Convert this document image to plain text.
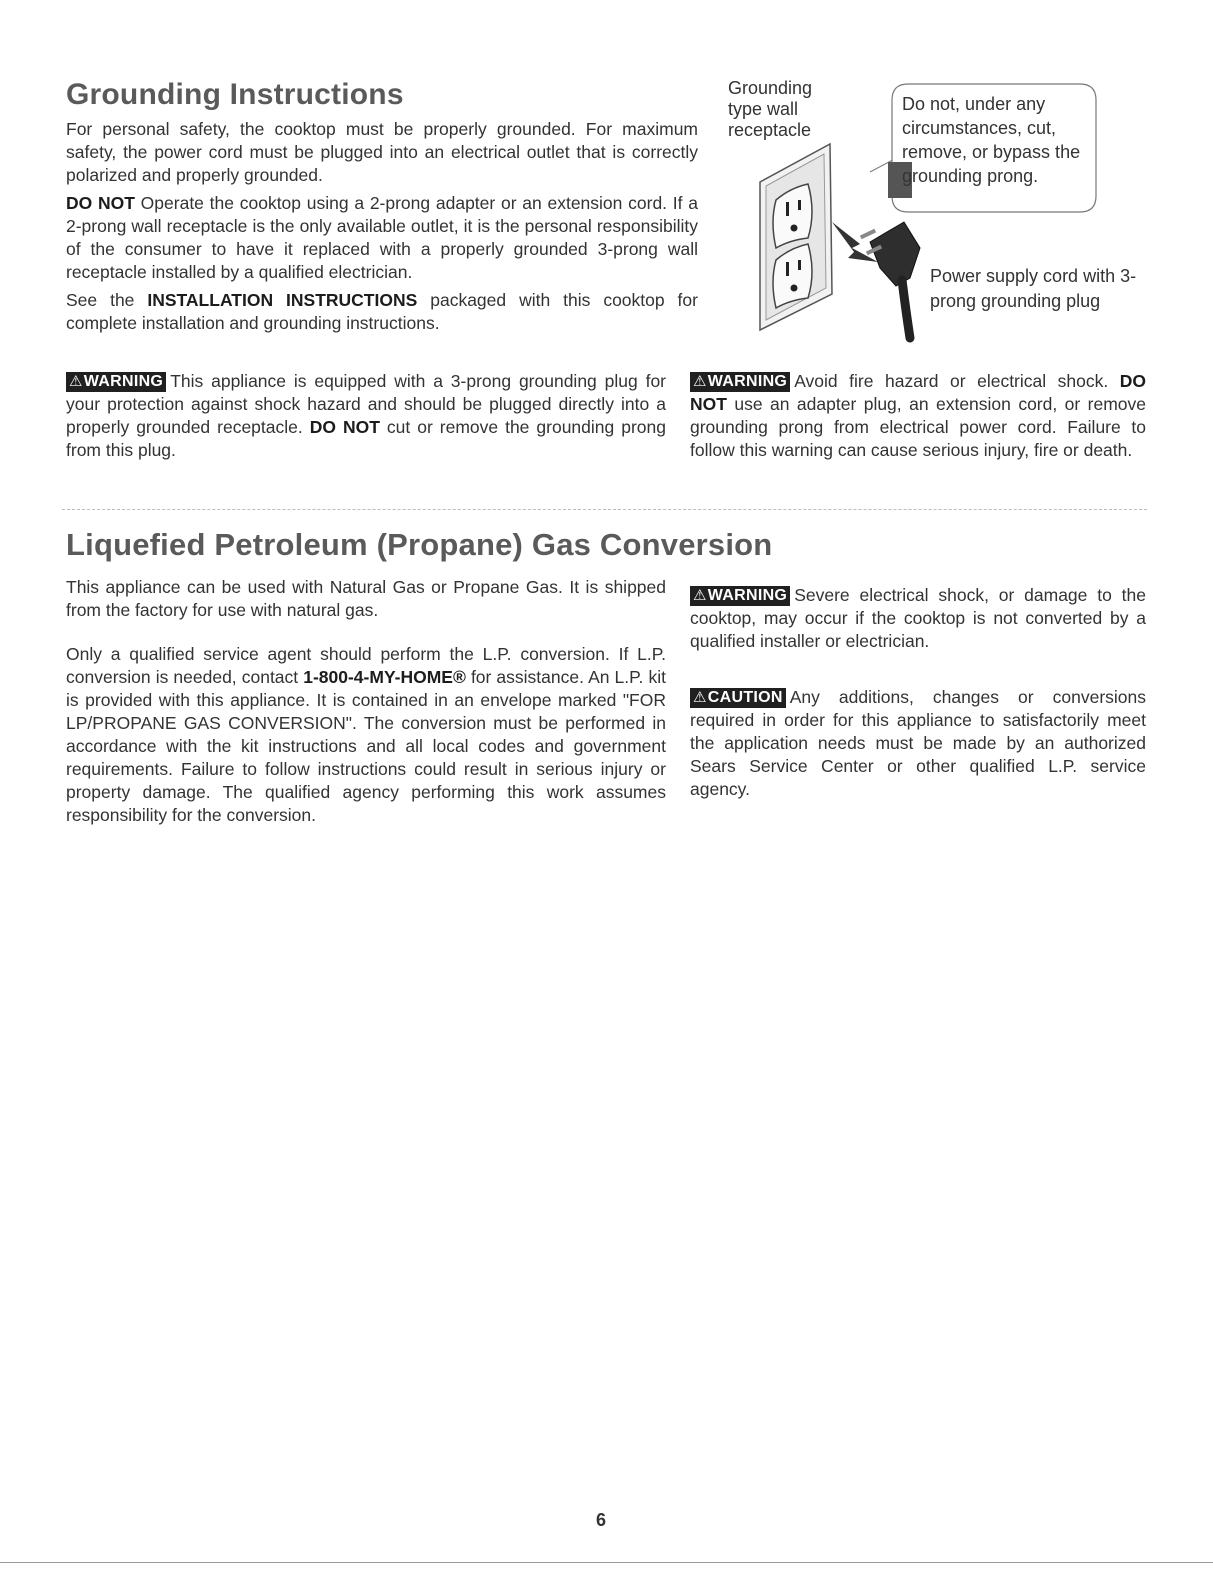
Grounding Instructions

For personal safety, the cooktop must be properly grounded. For maximum safety, the power cord must be plugged into an electrical outlet that is correctly polarized and properly grounded.

DO NOT Operate the cooktop using a 2-prong adapter or an extension cord. If a 2-prong wall receptacle is the only available outlet, it is the personal responsibility of the consumer to have it replaced with a properly grounded 3-prong wall receptacle installed by a qualified electrician.

See the INSTALLATION INSTRUCTIONS packaged with this cooktop for complete installation and grounding instructions.

Grounding type wall receptacle
Do not, under any circumstances, cut, remove, or bypass the grounding prong.
Power supply cord with 3-prong grounding plug

⚠WARNING This appliance is equipped with a 3-prong grounding plug for your protection against shock hazard and should be plugged directly into a properly grounded receptacle. DO NOT cut or remove the grounding prong from this plug.

⚠WARNING Avoid fire hazard or electrical shock. DO NOT use an adapter plug, an extension cord, or remove grounding prong from electrical power cord. Failure to follow this warning can cause serious injury, fire or death.

Liquefied Petroleum (Propane) Gas Conversion

This appliance can be used with Natural Gas or Propane Gas. It is shipped from the factory for use with natural gas.

Only a qualified service agent should perform the L.P. conversion. If L.P. conversion is needed, contact 1-800-4-MY-HOME® for assistance. An L.P. kit is provided with this appliance. It is contained in an envelope marked "FOR LP/PROPANE GAS CONVERSION". The conversion must be performed in accordance with the kit instructions and all local codes and government requirements. Failure to follow instructions could result in serious injury or property damage. The qualified agency performing this work assumes responsibility for the conversion.

⚠WARNING Severe electrical shock, or damage to the cooktop, may occur if the cooktop is not converted by a qualified installer or electrician.

⚠CAUTION Any additions, changes or conversions required in order for this appliance to satisfactorily meet the application needs must be made by an authorized Sears Service Center or other qualified L.P. service agency.

6
